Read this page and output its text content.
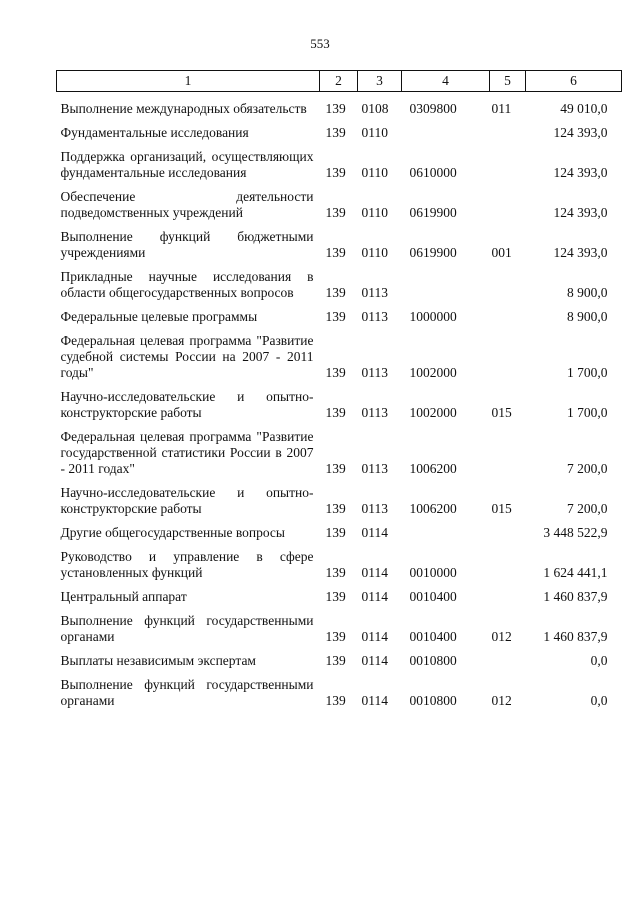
553
1	2	3	4	5	6
Выполнение международных обязательств	139	0108	0309800	011	49 010,0
Фундаментальные исследования	139	0110			124 393,0
Поддержка организаций, осуществляющих фундаментальные исследования	139	0110	0610000		124 393,0
Обеспечение деятельности подведомственных учреждений	139	0110	0619900		124 393,0
Выполнение функций бюджетными учреждениями	139	0110	0619900	001	124 393,0
Прикладные научные исследования в области общегосударственных вопросов	139	0113			8 900,0
Федеральные целевые программы	139	0113	1000000		8 900,0
Федеральная целевая программа "Развитие судебной системы России на 2007 - 2011 годы"	139	0113	1002000		1 700,0
Научно-исследовательские и опытно-конструкторские работы	139	0113	1002000	015	1 700,0
Федеральная целевая программа "Развитие государственной статистики России в 2007 - 2011 годах"	139	0113	1006200		7 200,0
Научно-исследовательские и опытно-конструкторские работы	139	0113	1006200	015	7 200,0
Другие общегосударственные вопросы	139	0114			3 448 522,9
Руководство и управление в сфере установленных функций	139	0114	0010000		1 624 441,1
Центральный аппарат	139	0114	0010400		1 460 837,9
Выполнение функций государственными органами	139	0114	0010400	012	1 460 837,9
Выплаты независимым экспертам	139	0114	0010800		0,0
Выполнение функций государственными органами	139	0114	0010800	012	0,0
